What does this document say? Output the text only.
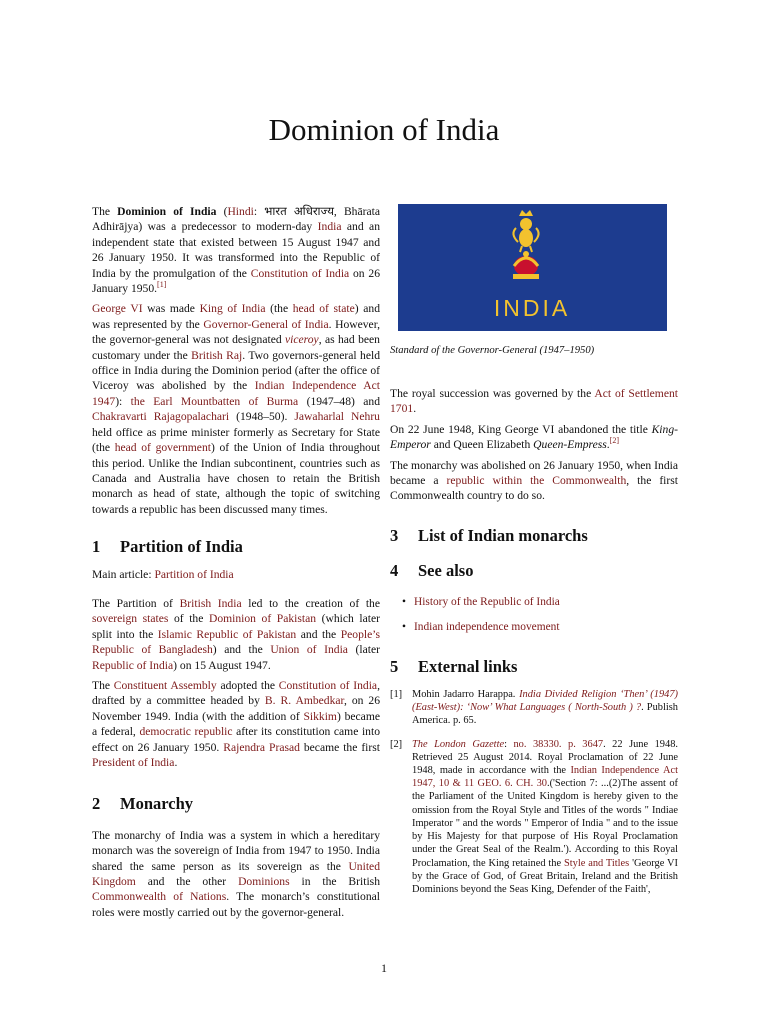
Dominion of India

The Dominion of India (Hindi: भारत अधिराज्य, Bhārata Adhirājya) was a predecessor to modern-day India and an independent state that existed between 15 August 1947 and 26 January 1950. It was transformed into the Republic of India by the promulgation of the Constitution of India on 26 January 1950.[1]

George VI was made King of India (the head of state) and was represented by the Governor-General of India. However, the governor-general was not designated viceroy, as had been customary under the British Raj. Two governors-general held office in India during the Dominion period (after the office of Viceroy was abolished by the Indian Independence Act 1947): the Earl Mountbatten of Burma (1947–48) and Chakravarti Rajagopalachari (1948–50). Jawaharlal Nehru held office as prime minister formerly as Secretary for State (the head of government) of the Union of India throughout this period. Unlike the Indian subcontinent, countries such as Canada and Australia have chosen to retain the British monarch as head of state, although the topic of switching towards a republic has been discussed many times.

1 Partition of India

Main article: Partition of India

The Partition of British India led to the creation of the sovereign states of the Dominion of Pakistan (which later split into the Islamic Republic of Pakistan and the People’s Republic of Bangladesh) and the Union of India (later Republic of India) on 15 August 1947.

The Constituent Assembly adopted the Constitution of India, drafted by a committee headed by B. R. Ambedkar, on 26 November 1949. India (with the addition of Sikkim) became a federal, democratic republic after its constitution came into effect on 26 January 1950. Rajendra Prasad became the first President of India.

2 Monarchy

The monarchy of India was a system in which a hereditary monarch was the sovereign of India from 1947 to 1950. India shared the same person as its sovereign as the United Kingdom and the other Dominions in the British Commonwealth of Nations. The monarch’s constitutional roles were mostly carried out by the governor-general.

INDIA
Standard of the Governor-General (1947–1950)

The royal succession was governed by the Act of Settlement 1701.

On 22 June 1948, King George VI abandoned the title King-Emperor and Queen Elizabeth Queen-Empress.[2]

The monarchy was abolished on 26 January 1950, when India became a republic within the Commonwealth, the first Commonwealth country to do so.

3 List of Indian monarchs
4 See also
• History of the Republic of India
• Indian independence movement
5 External links
[1] Mohin Jadarro Harappa. India Divided Religion ‘Then’ (1947) (East-West): ‘Now’ What Languages ( North-South ) ?. Publish America. p. 65.
[2] The London Gazette: no. 38330. p. 3647. 22 June 1948. Retrieved 25 August 2014. Royal Proclamation of 22 June 1948, made in accordance with the Indian Independence Act 1947, 10 & 11 GEO. 6. CH. 30.('Section 7: ...(2)The assent of the Parliament of the United Kingdom is hereby given to the omission from the Royal Style and Titles of the words " Indiae Imperator " and the words " Emperor of India " and to the issue by His Majesty for that purpose of His Royal Proclamation under the Great Seal of the Realm.'). According to this Royal Proclamation, the King retained the Style and Titles 'George VI by the Grace of God, of Great Britain, Ireland and the British Dominions beyond the Seas King, Defender of the Faith',
1
